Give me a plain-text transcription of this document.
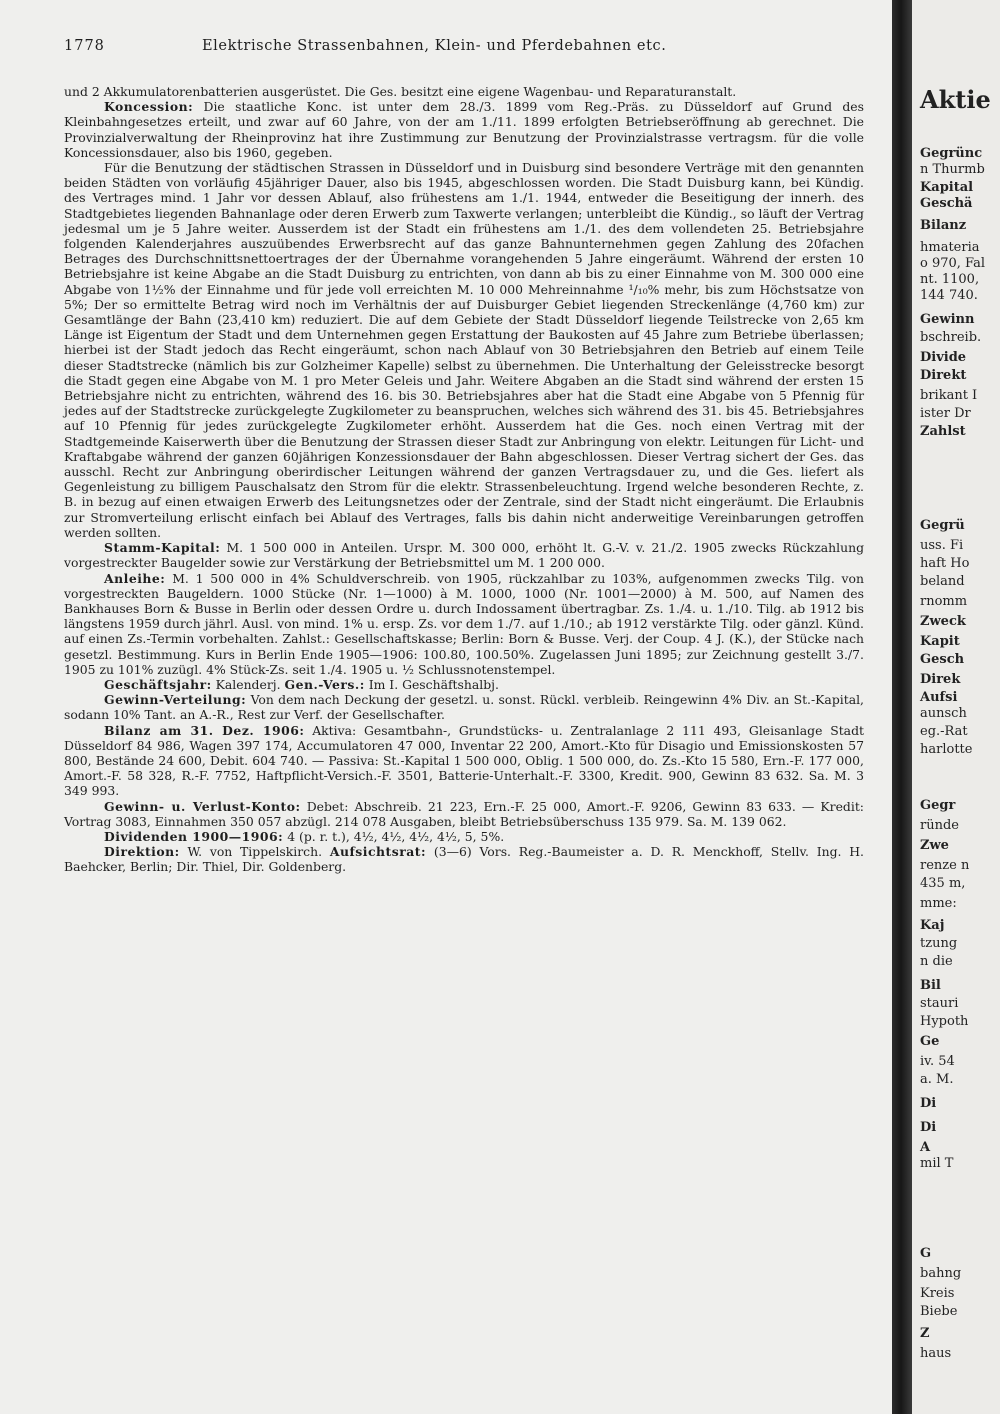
1778	Elektrische Strassenbahnen, Klein- und Pferdebahnen etc.

und 2 Akkumulatorenbatterien ausgerüstet. Die Ges. besitzt eine eigene Wagenbau- und Reparaturanstalt.

Koncession: Die staatliche Konc. ist unter dem 28./3. 1899 vom Reg.-Präs. zu Düsseldorf auf Grund des Kleinbahngesetzes erteilt, und zwar auf 60 Jahre, von der am 1./11. 1899 erfolgten Betriebseröffnung ab gerechnet. Die Provinzialverwaltung der Rheinprovinz hat ihre Zustimmung zur Benutzung der Provinzialstrasse vertragsm. für die volle Koncessionsdauer, also bis 1960, gegeben.

Für die Benutzung der städtischen Strassen in Düsseldorf und in Duisburg sind besondere Verträge mit den genannten beiden Städten von vorläufig 45jähriger Dauer, also bis 1945, abgeschlossen worden. Die Stadt Duisburg kann, bei Kündig. des Vertrages mind. 1 Jahr vor dessen Ablauf, also frühestens am 1./1. 1944, entweder die Beseitigung der innerh. des Stadtgebietes liegenden Bahnanlage oder deren Erwerb zum Taxwerte verlangen; unterbleibt die Kündig., so läuft der Vertrag jedesmal um je 5 Jahre weiter. Ausserdem ist der Stadt ein frühestens am 1./1. des dem vollendeten 25. Betriebsjahre folgenden Kalenderjahres auszuübendes Erwerbsrecht auf das ganze Bahnunternehmen gegen Zahlung des 20fachen Betrages des Durchschnittsnettoertrages der der Übernahme vorangehenden 5 Jahre eingeräumt. Während der ersten 10 Betriebsjahre ist keine Abgabe an die Stadt Duisburg zu entrichten, von dann ab bis zu einer Einnahme von M. 300 000 eine Abgabe von 1½% der Einnahme und für jede voll erreichten M. 10 000 Mehreinnahme ¹/₁₀% mehr, bis zum Höchstsatze von 5%; Der so ermittelte Betrag wird noch im Verhältnis der auf Duisburger Gebiet liegenden Streckenlänge (4,760 km) zur Gesamtlänge der Bahn (23,410 km) reduziert. Die auf dem Gebiete der Stadt Düsseldorf liegende Teilstrecke von 2,65 km Länge ist Eigentum der Stadt und dem Unternehmen gegen Erstattung der Baukosten auf 45 Jahre zum Betriebe überlassen; hierbei ist der Stadt jedoch das Recht eingeräumt, schon nach Ablauf von 30 Betriebsjahren den Betrieb auf einem Teile dieser Stadtstrecke (nämlich bis zur Golzheimer Kapelle) selbst zu übernehmen. Die Unterhaltung der Geleisstrecke besorgt die Stadt gegen eine Abgabe von M. 1 pro Meter Geleis und Jahr. Weitere Abgaben an die Stadt sind während der ersten 15 Betriebsjahre nicht zu entrichten, während des 16. bis 30. Betriebsjahres aber hat die Stadt eine Abgabe von 5 Pfennig für jedes auf der Stadtstrecke zurückgelegte Zugkilometer zu beanspruchen, welches sich während des 31. bis 45. Betriebsjahres auf 10 Pfennig für jedes zurückgelegte Zugkilometer erhöht. Ausserdem hat die Ges. noch einen Vertrag mit der Stadtgemeinde Kaiserwerth über die Benutzung der Strassen dieser Stadt zur Anbringung von elektr. Leitungen für Licht- und Kraftabgabe während der ganzen 60jährigen Konzessionsdauer der Bahn abgeschlossen. Dieser Vertrag sichert der Ges. das ausschl. Recht zur Anbringung oberirdischer Leitungen während der ganzen Vertragsdauer zu, und die Ges. liefert als Gegenleistung zu billigem Pauschalsatz den Strom für die elektr. Strassenbeleuchtung. Irgend welche besonderen Rechte, z. B. in bezug auf einen etwaigen Erwerb des Leitungsnetzes oder der Zentrale, sind der Stadt nicht eingeräumt. Die Erlaubnis zur Stromverteilung erlischt einfach bei Ablauf des Vertrages, falls bis dahin nicht anderweitige Vereinbarungen getroffen werden sollten.

Stamm-Kapital: M. 1 500 000 in Anteilen. Urspr. M. 300 000, erhöht lt. G.-V. v. 21./2. 1905 zwecks Rückzahlung vorgestreckter Baugelder sowie zur Verstärkung der Betriebsmittel um M. 1 200 000.

Anleihe: M. 1 500 000 in 4% Schuldverschreib. von 1905, rückzahlbar zu 103%, aufgenommen zwecks Tilg. von vorgestreckten Baugeldern. 1000 Stücke (Nr. 1—1000) à M. 1000, 1000 (Nr. 1001—2000) à M. 500, auf Namen des Bankhauses Born & Busse in Berlin oder dessen Ordre u. durch Indossament übertragbar. Zs. 1./4. u. 1./10. Tilg. ab 1912 bis längstens 1959 durch jährl. Ausl. von mind. 1% u. ersp. Zs. vor dem 1./7. auf 1./10.; ab 1912 verstärkte Tilg. oder gänzl. Künd. auf einen Zs.-Termin vorbehalten. Zahlst.: Gesellschaftskasse; Berlin: Born & Busse. Verj. der Coup. 4 J. (K.), der Stücke nach gesetzl. Bestimmung. Kurs in Berlin Ende 1905—1906: 100.80, 100.50%. Zugelassen Juni 1895; zur Zeichnung gestellt 3./7. 1905 zu 101% zuzügl. 4% Stück-Zs. seit 1./4. 1905 u. ½ Schlussnotenstempel.

Geschäftsjahr: Kalenderj. Gen.-Vers.: Im I. Geschäftshalbj.

Gewinn-Verteilung: Von dem nach Deckung der gesetzl. u. sonst. Rückl. verbleib. Reingewinn 4% Div. an St.-Kapital, sodann 10% Tant. an A.-R., Rest zur Verf. der Gesellschafter.

Bilanz am 31. Dez. 1906: Aktiva: Gesamtbahn-, Grundstücks- u. Zentralanlage 2 111 493, Gleisanlage Stadt Düsseldorf 84 986, Wagen 397 174, Accumulatoren 47 000, Inventar 22 200, Amort.-Kto für Disagio und Emissionskosten 57 800, Bestände 24 600, Debit. 604 740. — Passiva: St.-Kapital 1 500 000, Oblig. 1 500 000, do. Zs.-Kto 15 580, Ern.-F. 177 000, Amort.-F. 58 328, R.-F. 7752, Haftpflicht-Versich.-F. 3501, Batterie-Unterhalt.-F. 3300, Kredit. 900, Gewinn 83 632. Sa. M. 3 349 993.

Gewinn- u. Verlust-Konto: Debet: Abschreib. 21 223, Ern.-F. 25 000, Amort.-F. 9206, Gewinn 83 633. — Kredit: Vortrag 3083, Einnahmen 350 057 abzügl. 214 078 Ausgaben, bleibt Betriebsüberschuss 135 979. Sa. M. 139 062.

Dividenden 1900—1906: 4 (p. r. t.), 4½, 4½, 4½, 4½, 5, 5%.

Direktion: W. von Tippelskirch. Aufsichtsrat: (3—6) Vors. Reg.-Baumeister a. D. R. Menckhoff, Stellv. Ing. H. Baehcker, Berlin; Dir. Thiel, Dir. Goldenberg.

Aktie
Gegrünc
n Thurmb
Kapital
Geschä
Bilanz
hmateria
o 970, Fal
nt. 1100,
144 740.
Gewinn
bschreib.
Divide
Direkt
brikant I
ister Dr
Zahlst
Gegrü
uss. Fi
haft Ho
beland
rnomm
Zweck
Kapit
Gesch
Direk
Aufsi
aunsch
eg.-Rat
harlotte
Gegr
ründe
Zwe
renze n
435 m,
mme:
Kaj
tzung
n die
Bil
stauri
Hypoth
Ge
iv. 54
a. M.
Di
Di
A
mil T
G
bahng
Kreis
Biebe
Z
haus
